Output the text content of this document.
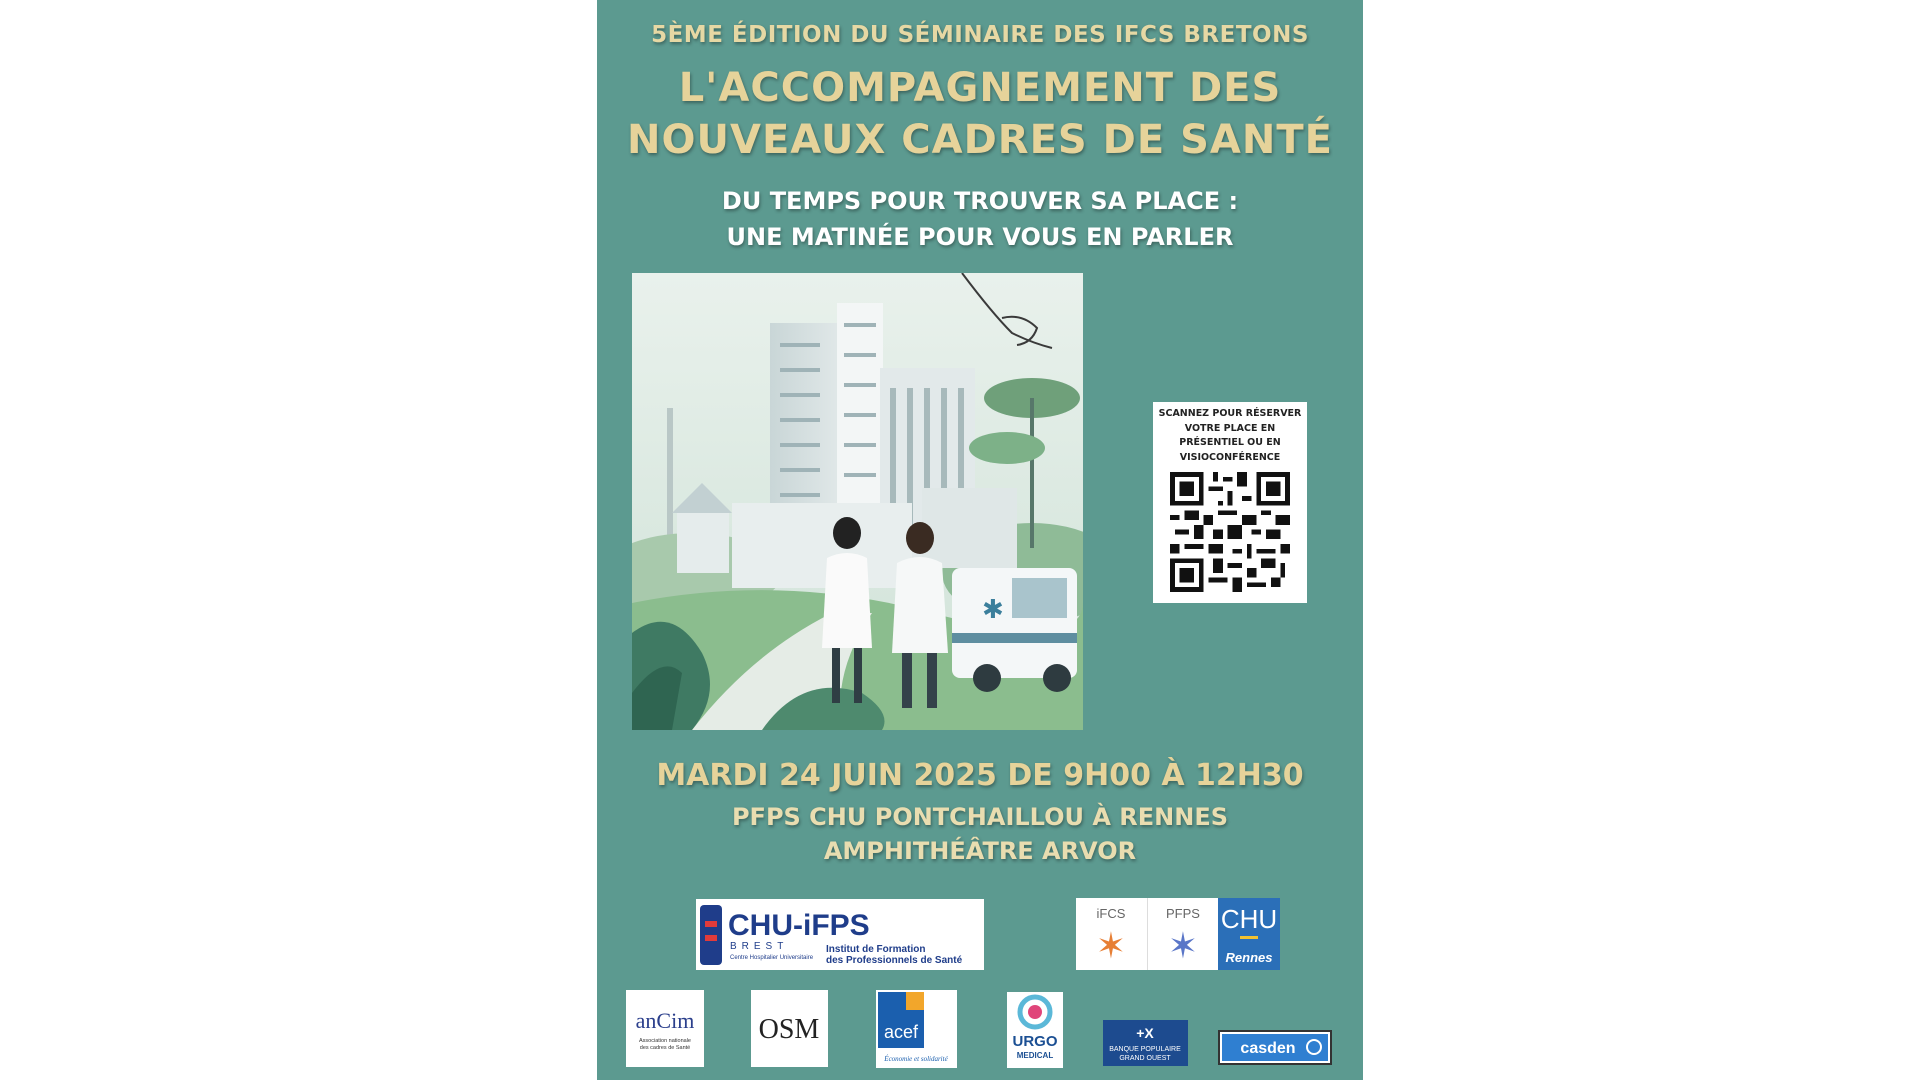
5ÈME ÉDITION DU SÉMINAIRE DES IFCS BRETONS
L'ACCOMPAGNEMENT DES
NOUVEAUX CADRES DE SANTÉ
DU TEMPS POUR TROUVER SA PLACE :
UNE MATINÉE POUR VOUS EN PARLER
✱
SCANNEZ POUR RÉSERVER VOTRE PLACE EN PRÉSENTIEL OU EN VISIOCONFÉRENCE
MARDI 24 JUIN 2025 DE 9H00 À 12H30
PFPS CHU PONTCHAILLOU À RENNES
AMPHITHÉÂTRE ARVOR
CHU-iFPS
BREST
Centre Hospitalier Universitaire
Institut de Formation
des Professionnels de Santé
iFCS
✶
PFPS
✶
CHU
Rennes
anCim
Association nationale
des cadres de Santé
OSM	acef
Économie et solidarité
URGO
MEDICAL
+X
BANQUE POPULAIRE
GRAND OUEST
casden
